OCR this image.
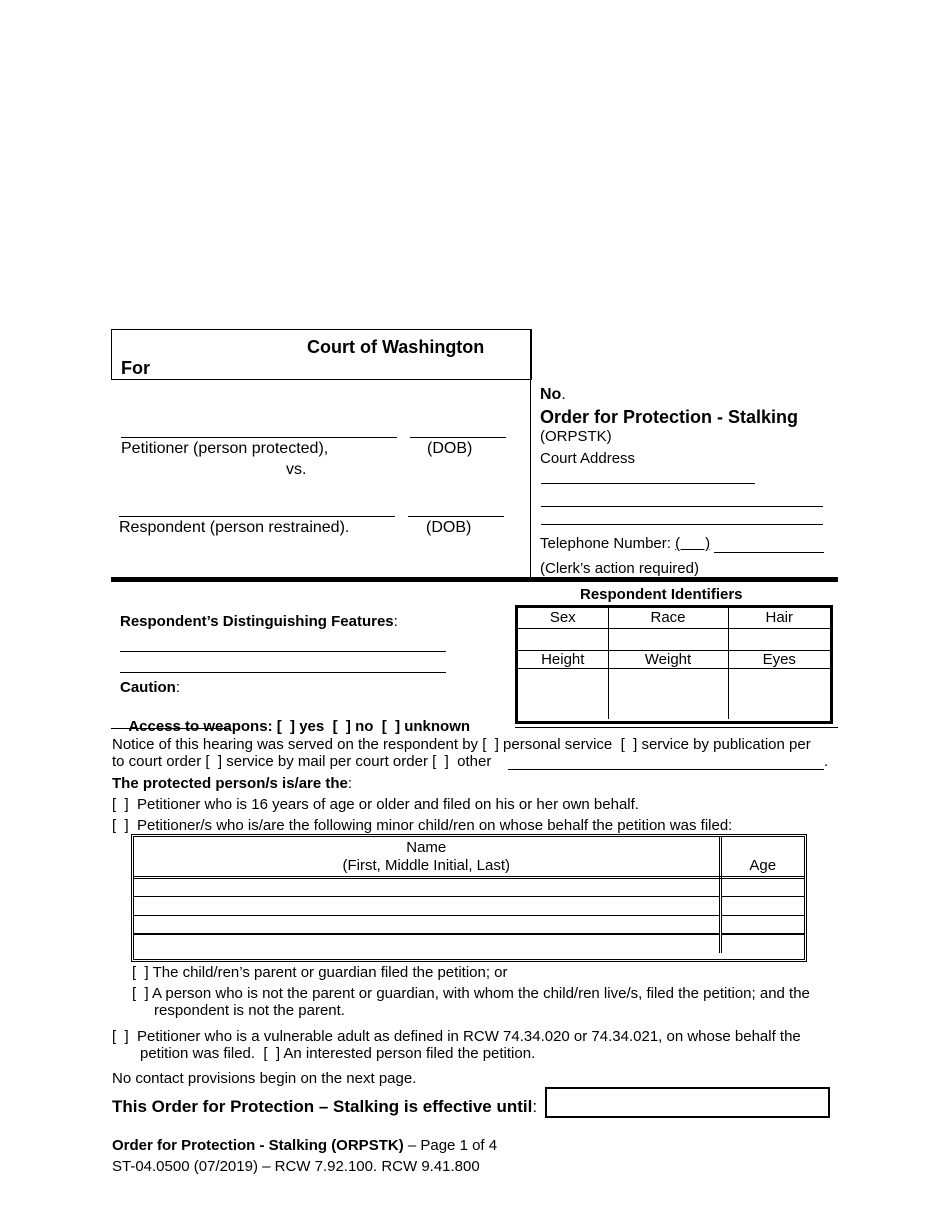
Court of Washington
For
Petitioner (person protected),	(DOB)
vs.
Respondent (person restrained).	(DOB)
No.
Order for Protection - Stalking
(ORPSTK)
Court Address
Telephone Number: (      )
(Clerk’s action required)
Respondent’s Distinguishing Features:
Caution:

Access to weapons: [  ] yes  [  ] no  [  ] unknown

Respondent Identifiers
Sex	Race	Hair

Height	Weight	Eyes

Notice of this hearing was served on the respondent by [  ] personal service  [  ] service by publication per
to court order [  ] service by mail per court order [  ]  other	.
The protected person/s is/are the:
[  ]  Petitioner who is 16 years of age or older and filed on his or her own behalf.
[  ]  Petitioner/s who is/are the following minor child/ren on whose behalf the petition was filed:
Name
(First, Middle Initial, Last)	Age

[  ] The child/ren’s parent or guardian filed the petition; or
[  ] A person who is not the parent or guardian, with whom the child/ren live/s, filed the petition; and the
respondent is not the parent.
[  ]  Petitioner who is a vulnerable adult as defined in RCW 74.34.020 or 74.34.021, on whose behalf the
petition was filed.  [  ] An interested person filed the petition.
No contact provisions begin on the next page.
This Order for Protection – Stalking is effective until:
Order for Protection - Stalking (ORPSTK) – Page 1 of 4
ST-04.0500 (07/2019) – RCW 7.92.100. RCW 9.41.800
